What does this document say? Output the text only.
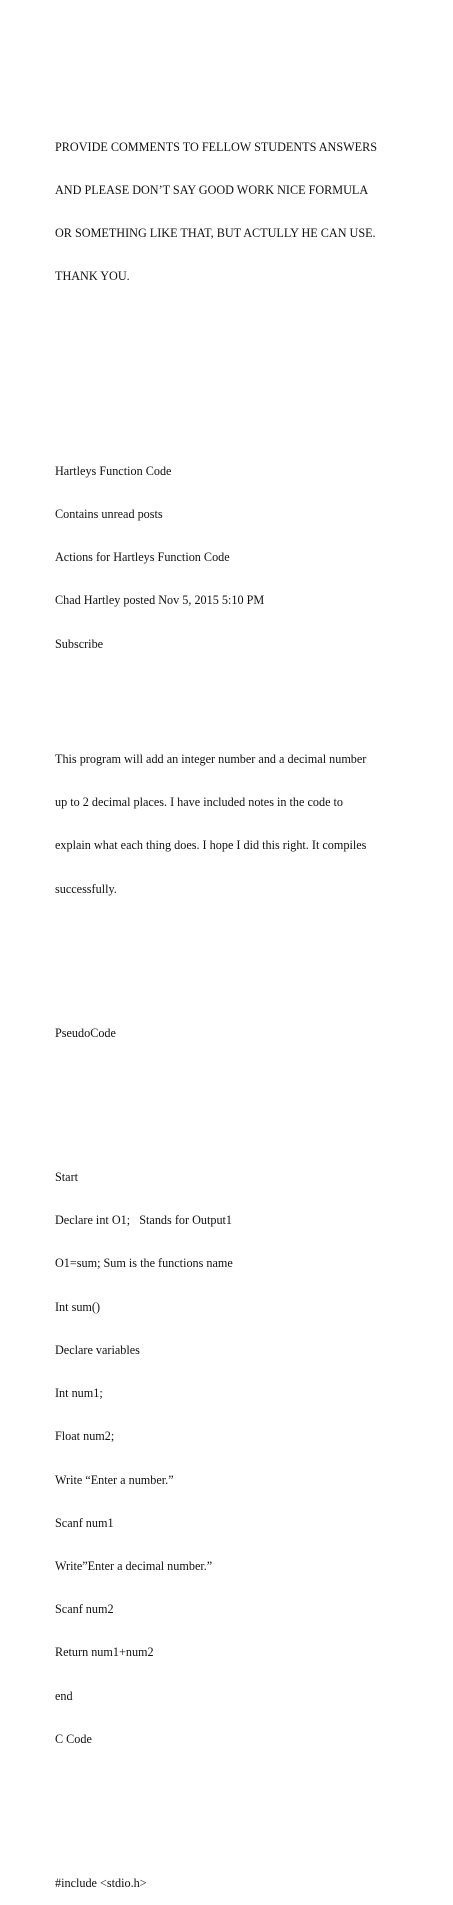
PROVIDE COMMENTS TO FELLOW STUDENTS ANSWERS

AND PLEASE DON’T SAY GOOD WORK NICE FORMULA

OR SOMETHING LIKE THAT, BUT ACTULLY HE CAN USE.

THANK YOU.

Hartleys Function Code

Contains unread posts

Actions for Hartleys Function Code

Chad Hartley posted Nov 5, 2015 5:10 PM

Subscribe

This program will add an integer number and a decimal number

up to 2 decimal places. I have included notes in the code to

explain what each thing does. I hope I did this right. It compiles

successfully.

PseudoCode

Start

Declare int O1;   Stands for Output1

O1=sum; Sum is the functions name

Int sum()

Declare variables

Int num1;

Float num2;

Write “Enter a number.”

Scanf num1

Write”Enter a decimal number.”

Scanf num2

Return num1+num2

end

C Code

#include <stdio.h>
